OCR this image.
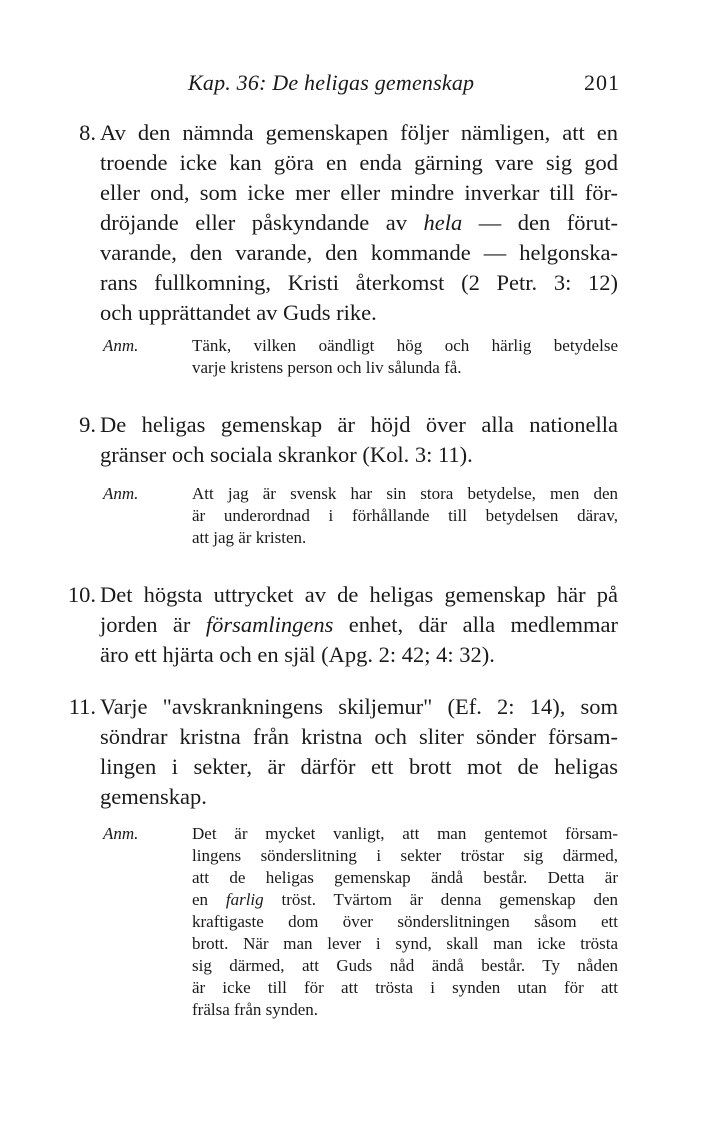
Kap. 36: De heligas gemenskap	201
8. Av den nämnda gemenskapen följer nämligen, att en
troende icke kan göra en enda gärning vare sig god
eller ond, som icke mer eller mindre inverkar till för-
dröjande eller påskyndande av hela — den förut-
varande, den varande, den kommande — helgonska-
rans fullkomning, Kristi återkomst (2 Petr. 3: 12)
och upprättandet av Guds rike.
Anm.	Tänk, vilken oändligt hög och härlig betydelse
varje kristens person och liv sålunda få.
9. De heligas gemenskap är höjd över alla nationella
gränser och sociala skrankor (Kol. 3: 11).
Anm.	Att jag är svensk har sin stora betydelse, men den
är underordnad i förhållande till betydelsen därav,
att jag är kristen.
10. Det högsta uttrycket av de heligas gemenskap här på
jorden är församlingens enhet, där alla medlemmar
äro ett hjärta och en själ (Apg. 2: 42; 4: 32).
11. Varje "avskrankningens skiljemur" (Ef. 2: 14), som
söndrar kristna från kristna och sliter sönder försam-
lingen i sekter, är därför ett brott mot de heligas
gemenskap.
Anm.	Det är mycket vanligt, att man gentemot försam-
lingens sönderslitning i sekter tröstar sig därmed,
att de heligas gemenskap ändå består. Detta är
en farlig tröst. Tvärtom är denna gemenskap den
kraftigaste dom över sönderslitningen såsom ett
brott. När man lever i synd, skall man icke trösta
sig därmed, att Guds nåd ändå består. Ty nåden
är icke till för att trösta i synden utan för att
frälsa från synden.
